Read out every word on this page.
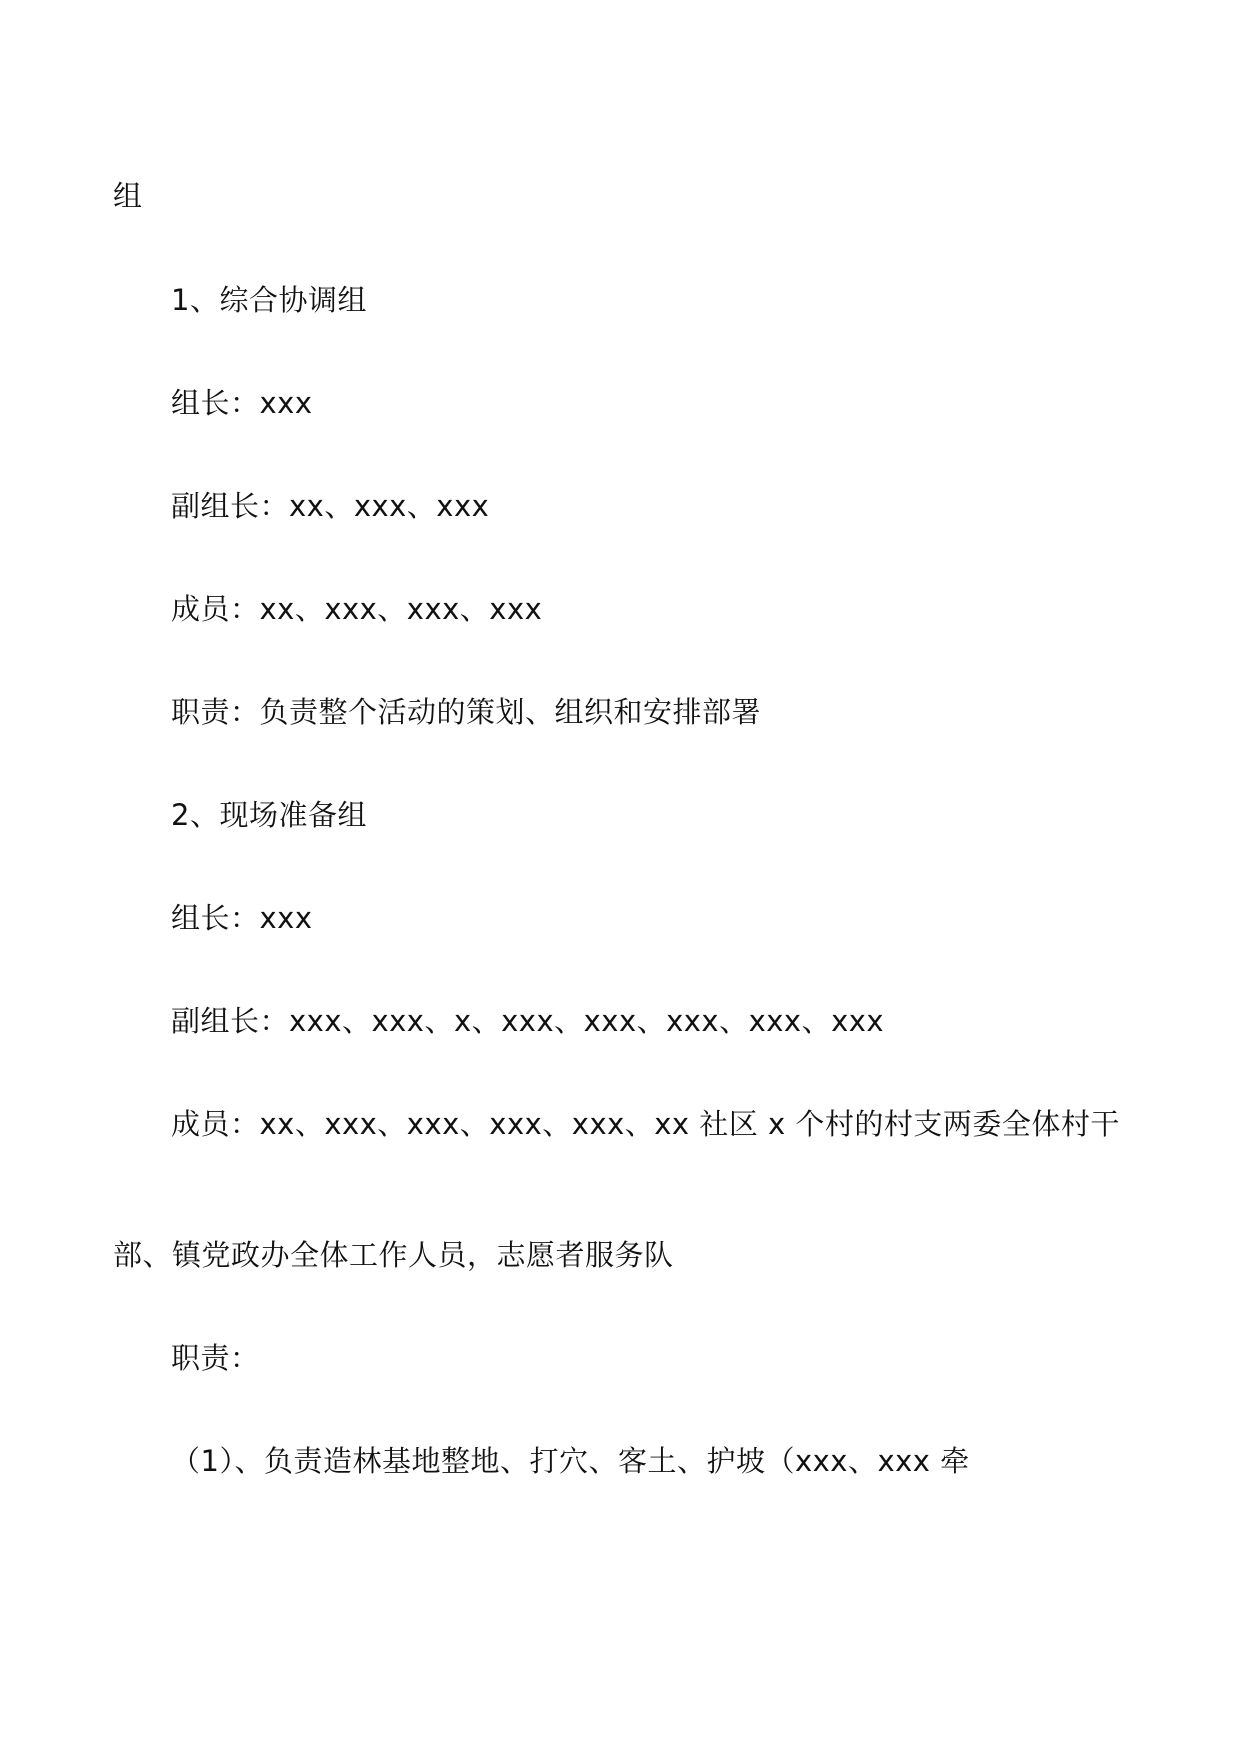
组
1、综合协调组
组长：xxx
副组长：xx、xxx、xxx
成员：xx、xxx、xxx、xxx
职责：负责整个活动的策划、组织和安排部署
2、现场准备组
组长：xxx
副组长：xxx、xxx、x、xxx、xxx、xxx、xxx、xxx
成员：xx、xxx、xxx、xxx、xxx、xx 社区 x 个村的村支两委全体村干
部、镇党政办全体工作人员，志愿者服务队
职责：
（1）、负责造林基地整地、打穴、客土、护坡（xxx、xxx 牵
